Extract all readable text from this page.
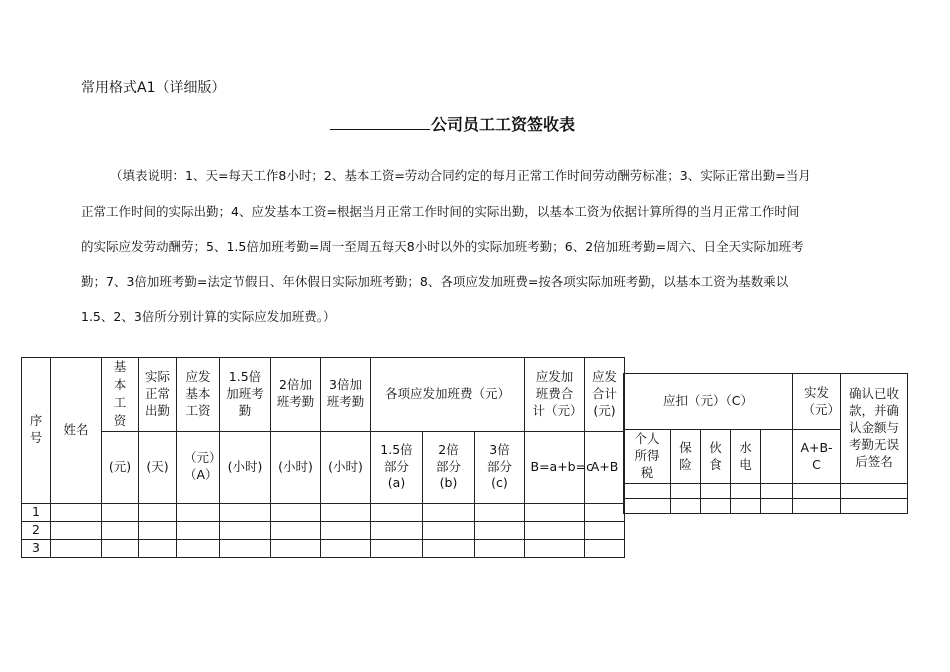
常用格式A1（详细版）
公司员工工资签收表
（填表说明：1、天=每天工作8小时；2、基本工资=劳动合同约定的每月正常工作时间劳动酬劳标准；3、实际正常出勤=当月
正常工作时间的实际出勤；4、应发基本工资=根据当月正常工作时间的实际出勤，以基本工资为依据计算所得的当月正常工作时间
的实际应发劳动酬劳；5、1.5倍加班考勤=周一至周五每天8小时以外的实际加班考勤；6、2倍加班考勤=周六、日全天实际加班考
勤；7、3倍加班考勤=法定节假日、年休假日实际加班考勤；8、各项应发加班费=按各项实际加班考勤，以基本工资为基数乘以
1.5、2、3倍所分别计算的实际应发加班费。）
序号	姓名	基本工资	实际正常出勤	应发基本工资	1.5倍加班考勤	2倍加班考勤	3倍加班考勤	各项应发加班费（元）			应发加班费合计（元）	应发合计(元)

		(元)	(天)	（元）（A）	(小时)	(小时)	(小时)	1.5倍部分(a)	2倍部分(b)	3倍部分(c)	B=a+b=c	A+B
1												
2												
3												
应扣（元）（C）					实发（元）	确认已收款，并确认金额与考勤无误后签名

个人所得税	保险	伙食	水电		A+B-C	
